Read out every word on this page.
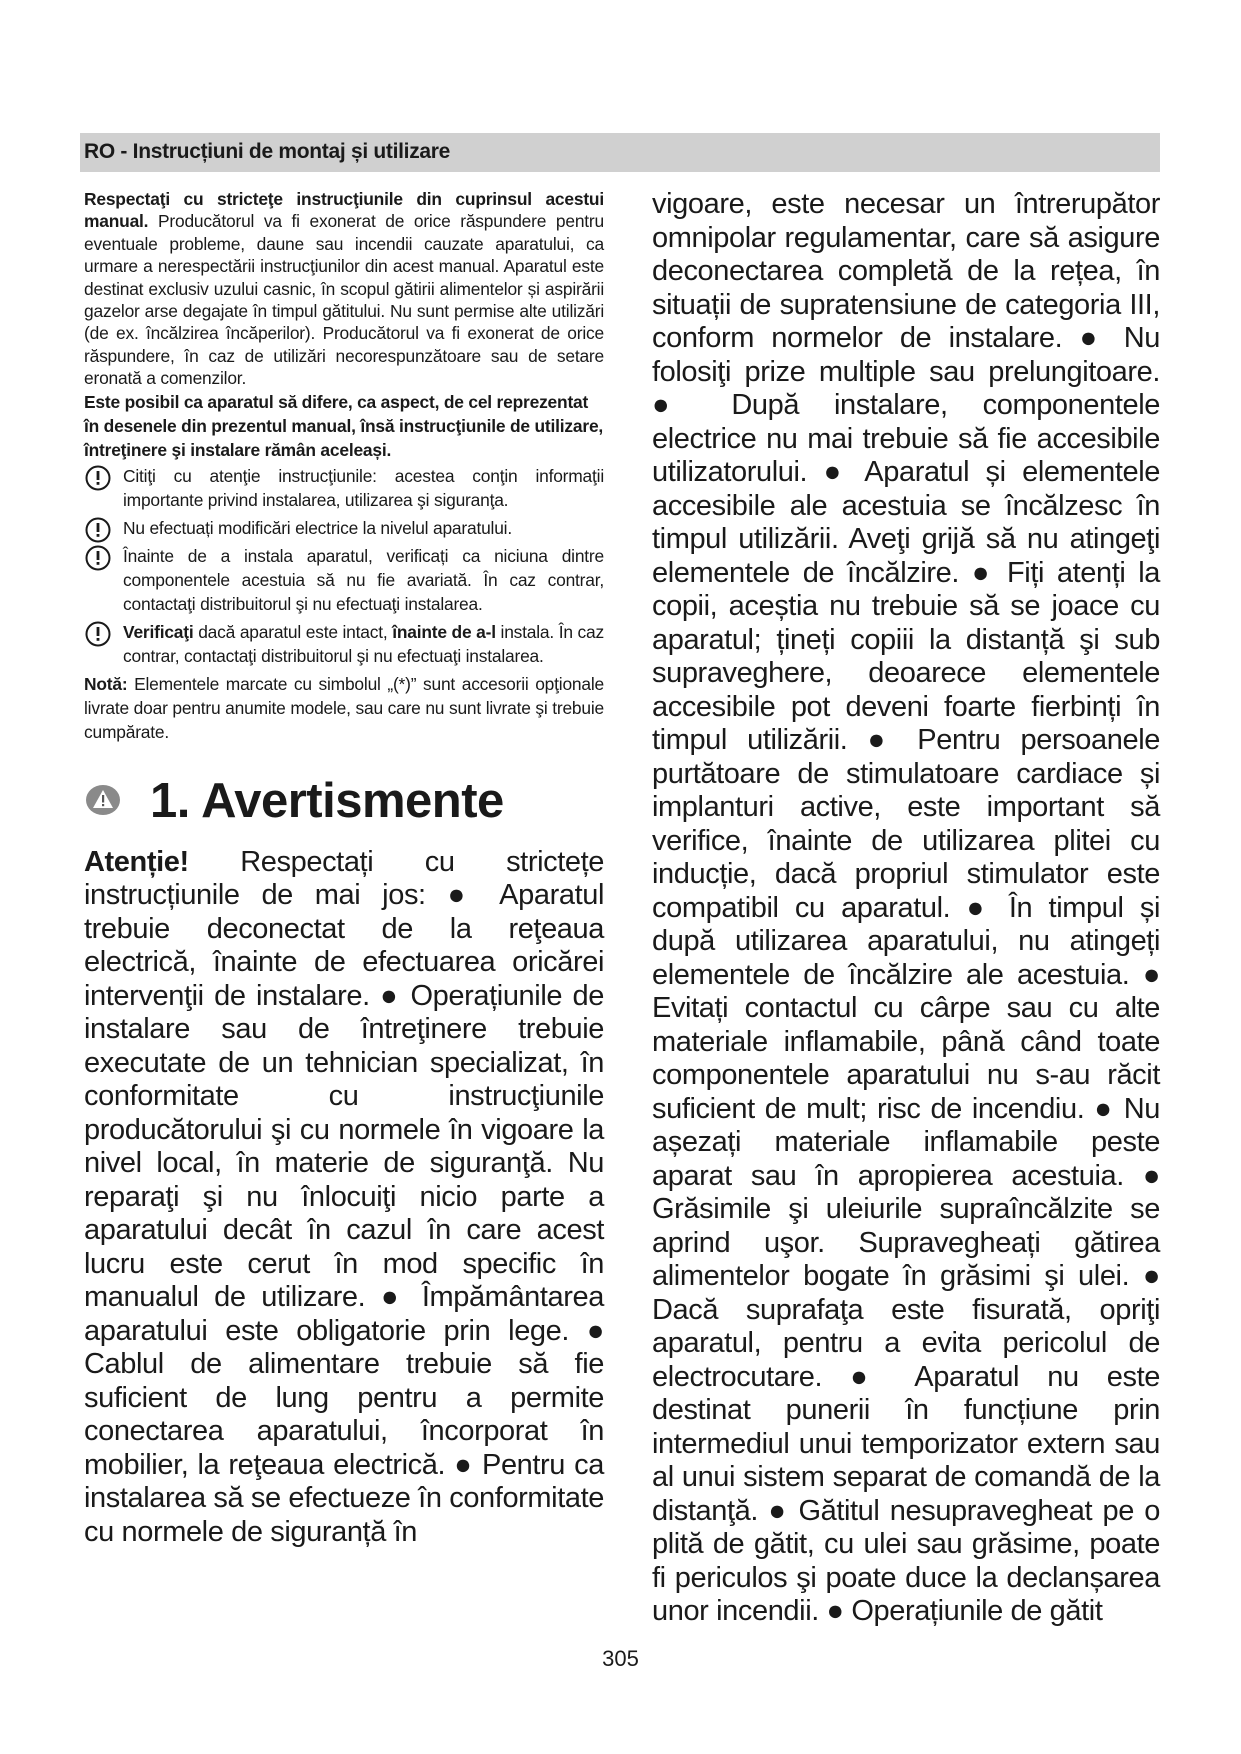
RO - Instrucțiuni de montaj și utilizare

Respectaţi cu stricteţe instrucţiunile din cuprinsul acestui manual. Producătorul va fi exonerat de orice răspundere pentru eventuale probleme, daune sau incendii cauzate aparatului, ca urmare a nerespectării instrucţiunilor din acest manual. Aparatul este destinat exclusiv uzului casnic, în scopul gătirii alimentelor și aspirării gazelor arse degajate în timpul gătitului. Nu sunt permise alte utilizări (de ex. încălzirea încăperilor). Producătorul va fi exonerat de orice răspundere, în caz de utilizări necorespunzătoare sau de setare eronată a comenzilor.

Este posibil ca aparatul să difere, ca aspect, de cel reprezentat în desenele din prezentul manual, însă instrucţiunile de utilizare, întreţinere şi instalare rămân aceleași.

Citiţi cu atenţie instrucţiunile: acestea conţin informaţii importante privind instalarea, utilizarea şi siguranţa.
Nu efectuați modificări electrice la nivelul aparatului.
Înainte de a instala aparatul, verificați ca niciuna dintre componentele acestuia să nu fie avariată. În caz contrar, contactaţi distribuitorul şi nu efectuaţi instalarea.
Verificaţi dacă aparatul este intact, înainte de a-l instala. În caz contrar, contactaţi distribuitorul şi nu efectuaţi instalarea.

Notă: Elementele marcate cu simbolul „(*)” sunt accesorii opţionale livrate doar pentru anumite modele, sau care nu sunt livrate şi trebuie cumpărate.

1. Avertismente

Atenție! Respectați cu strictețe instrucțiunile de mai jos: ● Aparatul trebuie deconectat de la reţeaua electrică, înainte de efectuarea oricărei intervenţii de instalare. ● Operațiunile de instalare sau de întreţinere trebuie executate de un tehnician specializat, în conformitate cu instrucţiunile producătorului şi cu normele în vigoare la nivel local, în materie de siguranţă. Nu reparaţi şi nu înlocuiţi nicio parte a aparatului decât în cazul în care acest lucru este cerut în mod specific în manualul de utilizare. ● Împământarea aparatului este obligatorie prin lege. ● Cablul de alimentare trebuie să fie suficient de lung pentru a permite conectarea aparatului, încorporat în mobilier, la reţeaua electrică. ● Pentru ca instalarea să se efectueze în conformitate cu normele de siguranță în

vigoare, este necesar un întrerupător omnipolar regulamentar, care să asigure deconectarea completă de la rețea, în situații de supratensiune de categoria III, conform normelor de instalare. ● Nu folosiţi prize multiple sau prelungitoare. ● După instalare, componentele electrice nu mai trebuie să fie accesibile utilizatorului. ● Aparatul și elementele accesibile ale acestuia se încălzesc în timpul utilizării. Aveţi grijă să nu atingeţi elementele de încălzire. ● Fiți atenți la copii, aceștia nu trebuie să se joace cu aparatul; țineți copiii la distanță şi sub supraveghere, deoarece elementele accesibile pot deveni foarte fierbinți în timpul utilizării. ● Pentru persoanele purtătoare de stimulatoare cardiace și implanturi active, este important să verifice, înainte de utilizarea plitei cu inducție, dacă propriul stimulator este compatibil cu aparatul. ● În timpul și după utilizarea aparatului, nu atingeți elementele de încălzire ale acestuia. ● Evitați contactul cu cârpe sau cu alte materiale inflamabile, până când toate componentele aparatului nu s-au răcit suficient de mult; risc de incendiu. ● Nu așezați materiale inflamabile peste aparat sau în apropierea acestuia. ● Grăsimile şi uleiurile supraîncălzite se aprind uşor. Supravegheați gătirea alimentelor bogate în grăsimi şi ulei. ● Dacă suprafaţa este fisurată, opriţi aparatul, pentru a evita pericolul de electrocutare. ● Aparatul nu este destinat punerii în funcțiune prin intermediul unui temporizator extern sau al unui sistem separat de comandă de la distanţă. ● Gătitul nesupravegheat pe o plită de gătit, cu ulei sau grăsime, poate fi periculos şi poate duce la declanșarea unor incendii. ● Operațiunile de gătit

305
